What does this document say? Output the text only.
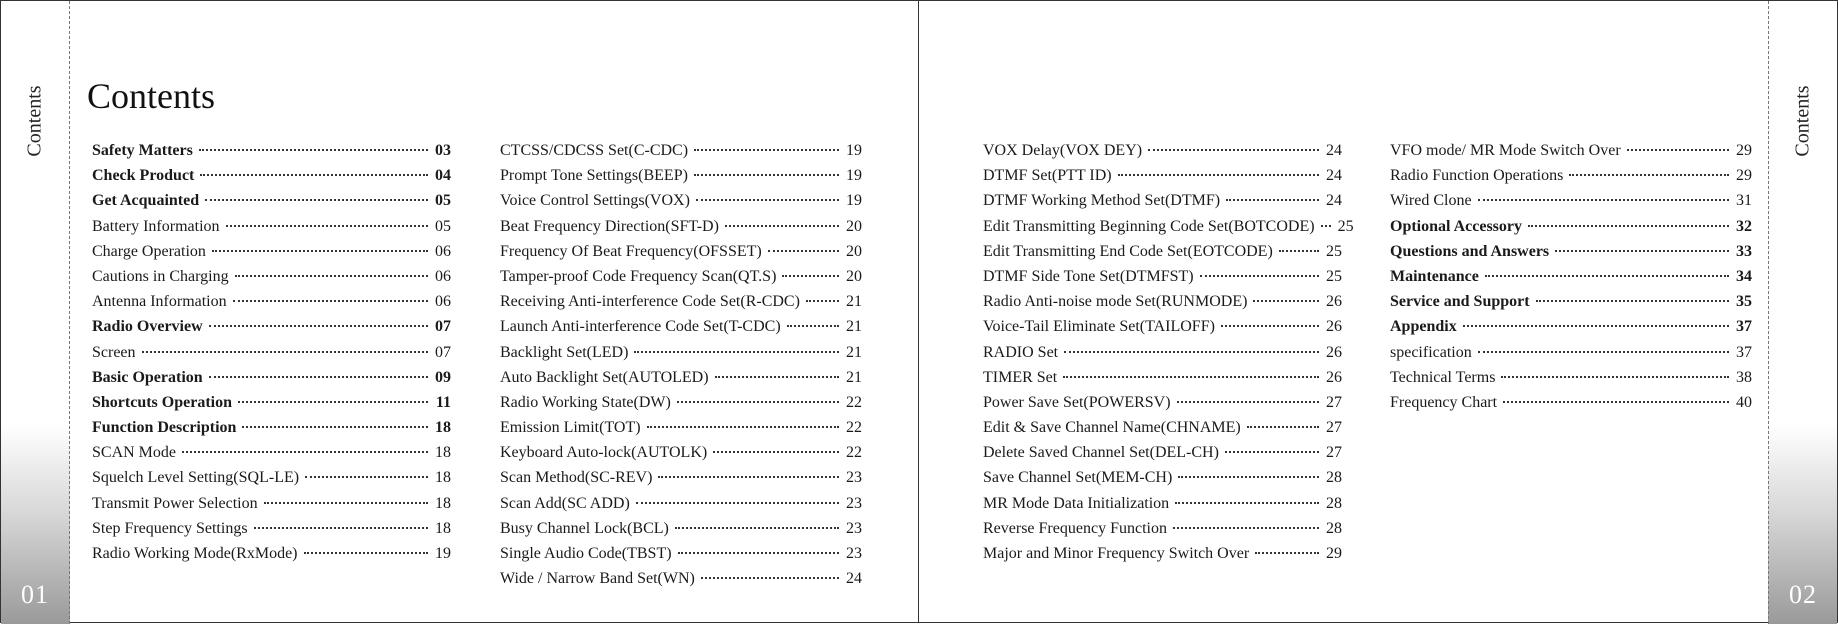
Contents
01
Contents
Safety Matters	03
Check Product	04
Get Acquainted	05
Battery Information	05
Charge Operation	06
Cautions in Charging	06
Antenna Information	06
Radio Overview	07
Screen	07
Basic Operation	09
Shortcuts Operation	11
Function Description	18
SCAN Mode	18
Squelch Level Setting(SQL-LE)	18
Transmit Power Selection	18
Step Frequency Settings	18
Radio Working Mode(RxMode)	19
CTCSS/CDCSS Set(C-CDC)	19
Prompt Tone Settings(BEEP)	19
Voice Control Settings(VOX)	19
Beat Frequency Direction(SFT-D)	20
Frequency Of Beat Frequency(OFSSET)	20
Tamper-proof Code Frequency Scan(QT.S)	20
Receiving Anti-interference Code Set(R-CDC)	21
Launch Anti-interference Code Set(T-CDC)	21
Backlight Set(LED)	21
Auto Backlight Set(AUTOLED)	21
Radio Working State(DW)	22
Emission Limit(TOT)	22
Keyboard Auto-lock(AUTOLK)	22
Scan Method(SC-REV)	23
Scan Add(SC ADD)	23
Busy Channel Lock(BCL)	23
Single Audio Code(TBST)	23
Wide / Narrow Band Set(WN)	24
VOX Delay(VOX DEY)	24
DTMF Set(PTT ID)	24
DTMF Working Method Set(DTMF)	24
Edit Transmitting Beginning Code Set(BOTCODE) 25
Edit Transmitting End Code Set(EOTCODE)	25
DTMF Side Tone Set(DTMFST)	25
Radio Anti-noise mode Set(RUNMODE)	26
Voice-Tail Eliminate Set(TAILOFF)	26
RADIO Set	26
TIMER Set	26
Power Save Set(POWERSV)	27
Edit & Save Channel Name(CHNAME)	27
Delete Saved Channel Set(DEL-CH)	27
Save Channel Set(MEM-CH)	28
MR Mode Data Initialization	28
Reverse Frequency Function	28
Major and Minor Frequency Switch Over	29
VFO mode/ MR Mode Switch Over	29
Radio Function Operations	29
Wired Clone	31
Optional Accessory	32
Questions and Answers	33
Maintenance	34
Service and Support	35
Appendix	37
specification	37
Technical Terms	38
Frequency Chart	40
Contents
02
